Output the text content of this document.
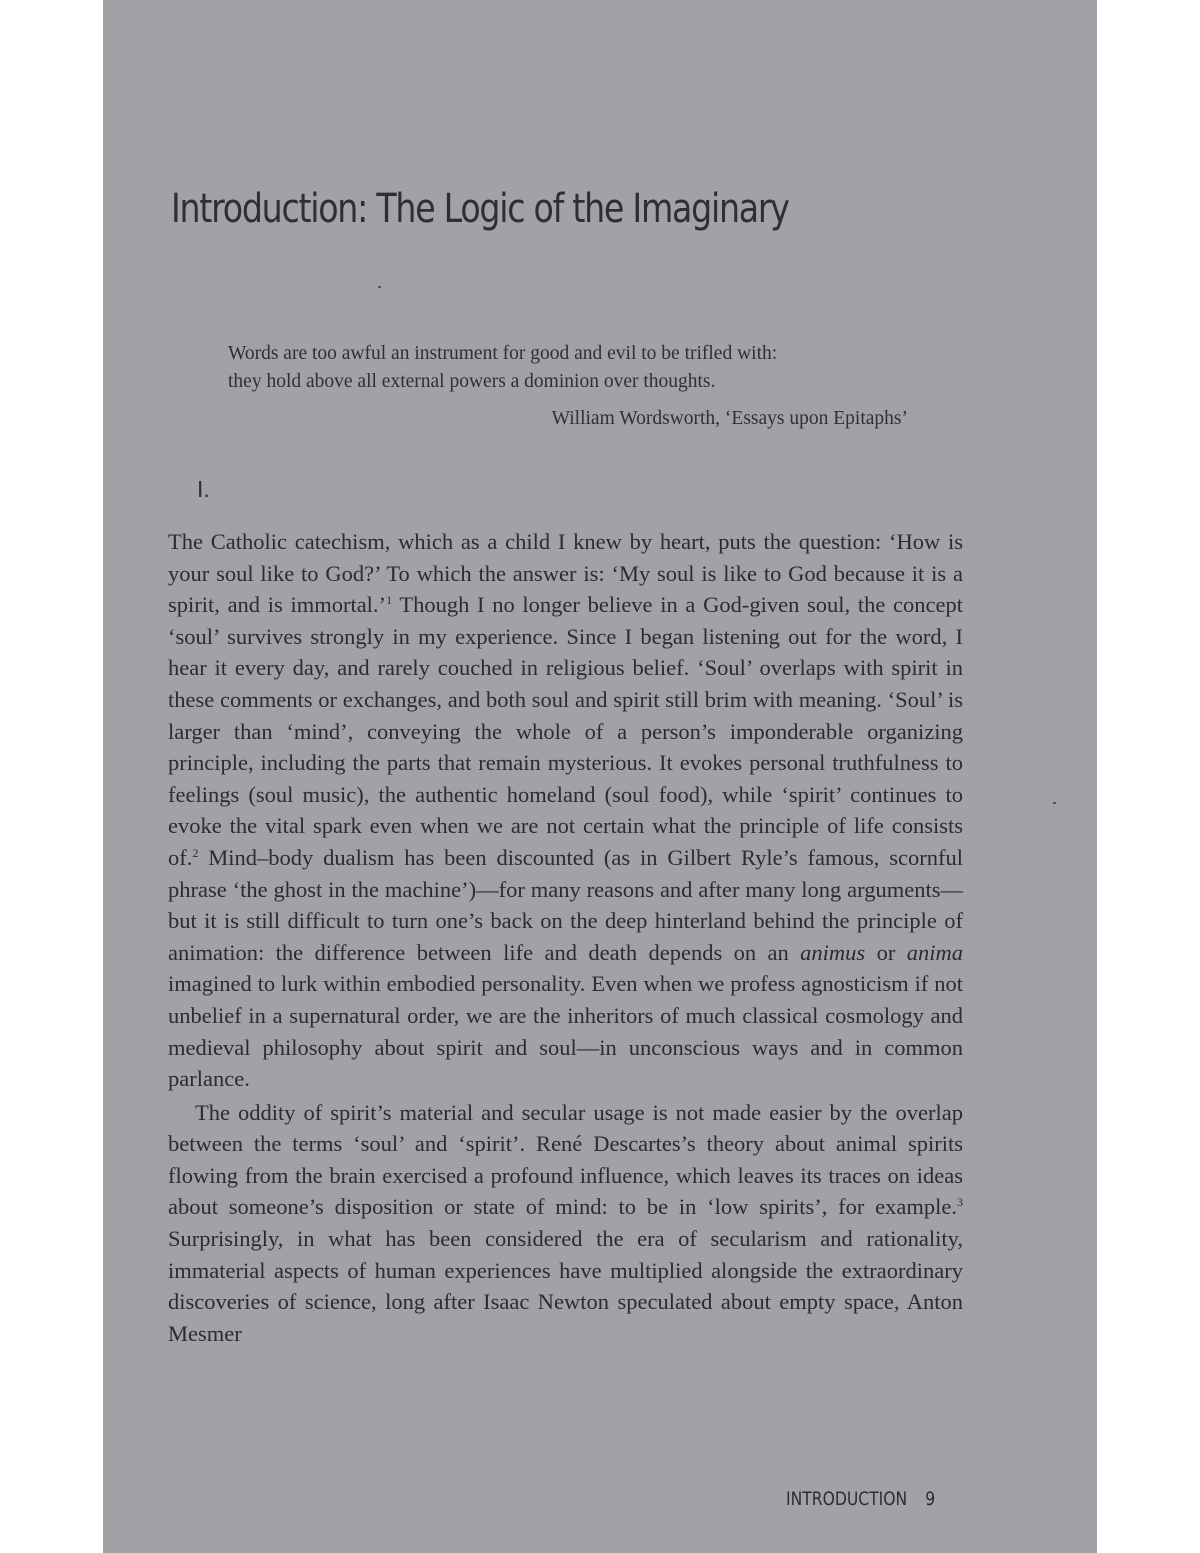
Introduction: The Logic of the Imaginary

Words are too awful an instrument for good and evil to be trifled with:

they hold above all external powers a dominion over thoughts.

William Wordsworth, ‘Essays upon Epitaphs’
I.

The Catholic catechism, which as a child I knew by heart, puts the question: ‘How is your soul like to God?’ To which the answer is: ‘My soul is like to God because it is a spirit, and is immortal.’$^1$ Though I no longer believe in a God-given soul, the concept ‘soul’ survives strongly in my experience. Since I began listening out for the word, I hear it every day, and rarely couched in religious belief. ‘Soul’ overlaps with spirit in these comments or exchanges, and both soul and spirit still brim with meaning. ‘Soul’ is larger than ‘mind’, conveying the whole of a person’s imponderable organizing principle, including the parts that remain mysterious. It evokes personal truthfulness to feelings (soul music), the authentic homeland (soul food), while ‘spirit’ continues to evoke the vital spark even when we are not certain what the principle of life consists of.$^2$ Mind–body dualism has been discounted (as in Gilbert Ryle’s famous, scornful phrase ‘the ghost in the machine’)—for many reasons and after many long arguments—but it is still difficult to turn one’s back on the deep hinterland behind the principle of animation: the difference between life and death depends on an animus or anima imagined to lurk within embodied personality. Even when we profess agnosticism if not unbelief in a supernatural order, we are the inheritors of much classical cosmology and medieval philosophy about spirit and soul—in unconscious ways and in common parlance.

The oddity of spirit’s material and secular usage is not made easier by the overlap between the terms ‘soul’ and ‘spirit’. René Descartes’s theory about animal spirits flowing from the brain exercised a profound influence, which leaves its traces on ideas about someone’s disposition or state of mind: to be in ‘low spirits’, for example.$^3$ Surprisingly, in what has been considered the era of secularism and rationality, immaterial aspects of human experiences have multiplied alongside the extraordinary discoveries of science, long after Isaac Newton speculated about empty space, Anton Mesmer

INTRODUCTION 9
